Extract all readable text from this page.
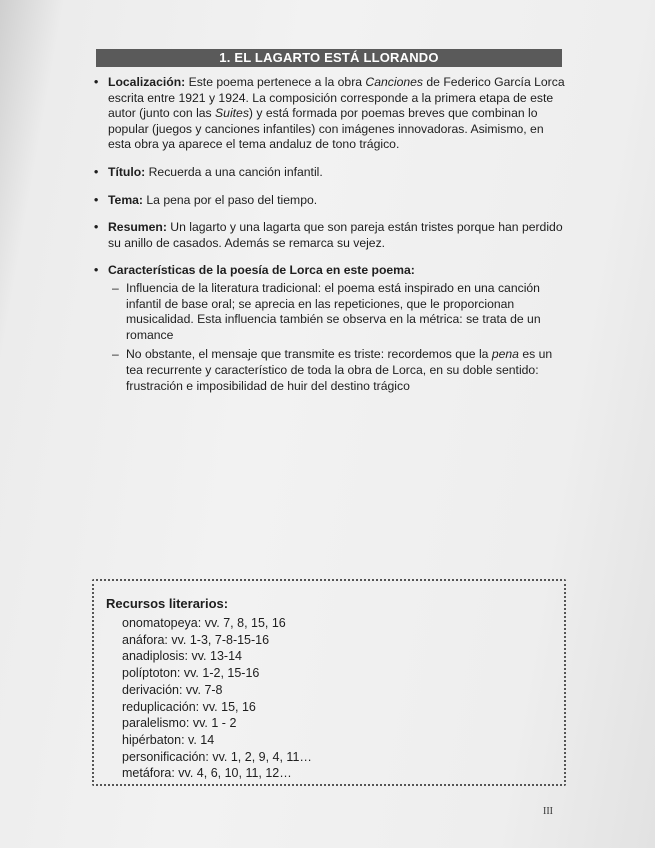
1. EL LAGARTO ESTÁ LLORANDO
• Localización: Este poema pertenece a la obra Canciones de Federico García Lorca escrita entre 1921 y 1924. La composición corresponde a la primera etapa de este autor (junto con las Suites) y está formada por poemas breves que combinan lo popular (juegos y canciones infantiles) con imágenes innovadoras. Asimismo, en esta obra ya aparece el tema andaluz de tono trágico.
• Título: Recuerda a una canción infantil.
• Tema: La pena por el paso del tiempo.
• Resumen: Un lagarto y una lagarta que son pareja están tristes porque han perdido su anillo de casados. Además se remarca su vejez.
• Características de la poesía de Lorca en este poema:
– Influencia de la literatura tradicional: el poema está inspirado en una canción infantil de base oral; se aprecia en las repeticiones, que le proporcionan musicalidad. Esta influencia también se observa en la métrica: se trata de un romance
– No obstante, el mensaje que transmite es triste: recordemos que la pena es un tea recurrente y característico de toda la obra de Lorca, en su doble sentido: frustración e imposibilidad de huir del destino trágico
Recursos literarios:
onomatopeya: vv. 7, 8, 15, 16
anáfora: vv. 1-3, 7-8-15-16
anadiplosis: vv. 13-14
políptoton: vv. 1-2, 15-16
derivación: vv. 7-8
reduplicación: vv. 15, 16
paralelismo: vv. 1 - 2
hipérbaton: v. 14
personificación: vv. 1, 2, 9, 4, 11…
metáfora: vv. 4, 6, 10, 11, 12…
III
